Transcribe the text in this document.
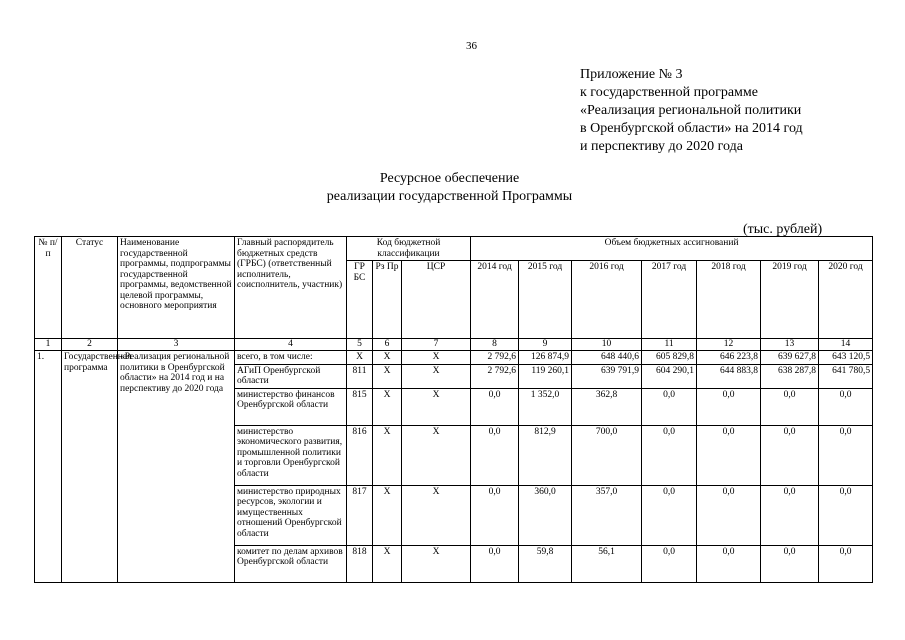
36
Приложение № 3
к государственной программе
«Реализация региональной политики
в Оренбургской области» на 2014 год
и перспективу до 2020 года
Ресурсное обеспечение
реализации государственной Программы
(тыс. рублей)
№ п/п	Статус	Наименование государственной программы, подпрограммы государственной программы, ведомственной целевой программы, основного мероприятия	Главный распорядитель бюджетных средств (ГРБС) (ответственный исполнитель, соисполнитель, участник)	Код бюджетной классификации			Объем бюджетных ассигнований						
				ГР БС	Рз Пр	ЦСР	2014 год	2015 год	2016 год	2017 год	2018 год	2019 год	2020 год
1	2	3	4	5	6	7	8	9	10	11	12	13	14
1.	Государственная программа	«Реализация региональной политики в Оренбургской области» на 2014 год и на перспективу до 2020 года	всего, в том числе:	X	X	X	2 792,6	126 874,9	648 440,6	605 829,8	646 223,8	639 627,8	643 120,5
			АГиП Оренбургской области	811	X	X	2 792,6	119 260,1	639 791,9	604 290,1	644 883,8	638 287,8	641 780,5
			министерство финансов Оренбургской области	815	X	X	0,0	1 352,0	362,8	0,0	0,0	0,0	0,0
			министерство экономического развития, промышленной политики и торговли Оренбургской области	816	X	X	0,0	812,9	700,0	0,0	0,0	0,0	0,0
			министерство природных ресурсов, экологии и имущественных отношений Оренбургской области	817	X	X	0,0	360,0	357,0	0,0	0,0	0,0	0,0
			комитет по делам архивов Оренбургской области	818	X	X	0,0	59,8	56,1	0,0	0,0	0,0	0,0
